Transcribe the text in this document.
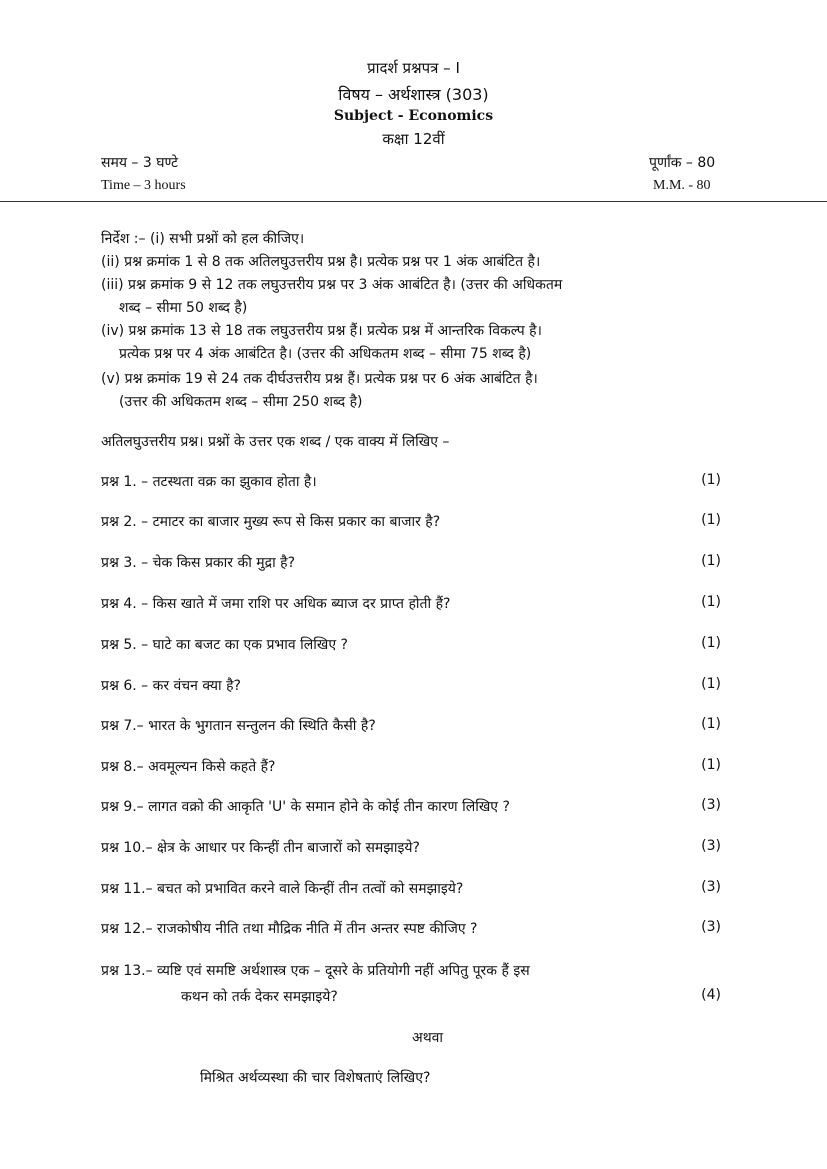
प्रादर्श प्रश्नपत्र – I
विषय – अर्थशास्त्र (303)
Subject - Economics
कक्षा 12वीं
समय – 3 घण्टे	पूर्णांक – 80
Time – 3 hours	M.M. - 80
निर्देश :– (i) सभी प्रश्नों को हल कीजिए।
(ii) प्रश्न क्रमांक 1 से 8 तक अतिलघुउत्तरीय प्रश्न है। प्रत्येक प्रश्न पर 1 अंक आबंटित है।
(iii) प्रश्न क्रमांक 9 से 12 तक लघुउत्तरीय प्रश्न पर 3 अंक आबंटित है। (उत्तर की अधिकतम
शब्द – सीमा 50 शब्द है)
(iv) प्रश्न क्रमांक 13 से 18 तक लघुउत्तरीय प्रश्न हैं। प्रत्येक प्रश्न में आन्तरिक विकल्प है।
प्रत्येक प्रश्न पर 4 अंक आबंटित है। (उत्तर की अधिकतम शब्द – सीमा 75 शब्द है)
(v) प्रश्न क्रमांक 19 से 24 तक दीर्घउत्तरीय प्रश्न हैं। प्रत्येक प्रश्न पर 6 अंक आबंटित है।
(उत्तर की अधिकतम शब्द – सीमा 250 शब्द है)
अतिलघुउत्तरीय प्रश्न। प्रश्नों के उत्तर एक शब्द / एक वाक्य में लिखिए –
प्रश्न 1. – तटस्थता वक्र का झुकाव होता है।	(1)
प्रश्न 2. – टमाटर का बाजार मुख्य रूप से किस प्रकार का बाजार है?	(1)
प्रश्न 3. – चेक किस प्रकार की मुद्रा है?	(1)
प्रश्न 4. – किस खाते में जमा राशि पर अधिक ब्याज दर प्राप्त होती हैं?	(1)
प्रश्न 5. – घाटे का बजट का एक प्रभाव लिखिए ?	(1)
प्रश्न 6. – कर वंचन क्या है?	(1)
प्रश्न 7.– भारत के भुगतान सन्तुलन की स्थिति कैसी है?	(1)
प्रश्न 8.– अवमूल्यन किसे कहते हैं?	(1)
प्रश्न 9.– लागत वक्रो की आकृति 'U' के समान होने के कोई तीन कारण लिखिए ?	(3)
प्रश्न 10.– क्षेत्र के आधार पर किन्हीं तीन बाजारों को समझाइये?	(3)
प्रश्न 11.– बचत को प्रभावित करने वाले किन्हीं तीन तत्वों को समझाइये?	(3)
प्रश्न 12.– राजकोषीय नीति तथा मौद्रिक नीति में तीन अन्तर स्पष्ट कीजिए ?	(3)
प्रश्न 13.– व्यष्टि एवं समष्टि अर्थशास्त्र एक – दूसरे के प्रतियोगी नहीं अपितु पूरक हैं इस
कथन को तर्क देकर समझाइये?	(4)
अथवा
मिश्रित अर्थव्यस्था की चार विशेषताएं लिखिए?
